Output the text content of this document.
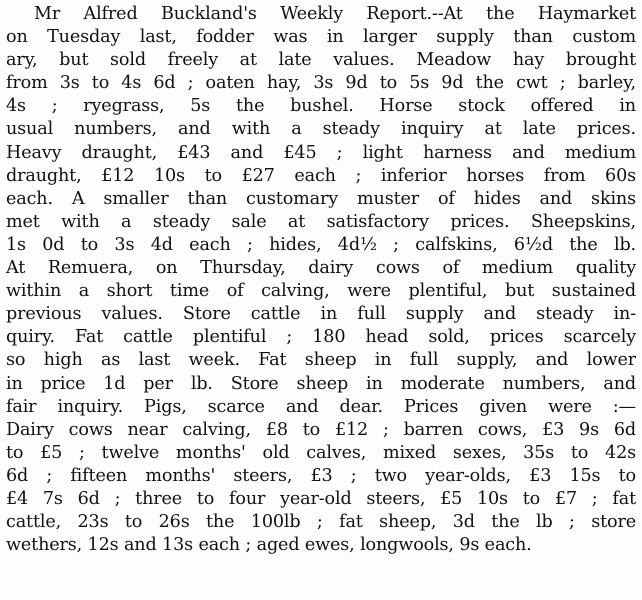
Mr Alfred Buckland's Weekly Report.--At the Haymarket
on Tuesday last, fodder was in larger supply than custom
ary, but sold freely at late values. Meadow hay brought
from 3s to 4s 6d ; oaten hay, 3s 9d to 5s 9d the cwt ; barley,
4s ; ryegrass, 5s the bushel. Horse stock offered in
usual numbers, and with a steady inquiry at late prices.
Heavy draught, £43 and £45 ; light harness and medium
draught, £12 10s to £27 each ; inferior horses from 60s
each. A smaller than customary muster of hides and skins
met with a steady sale at satisfactory prices. Sheepskins,
1s 0d to 3s 4d each ; hides, 4d½ ; calfskins, 6½d the lb.
At Remuera, on Thursday, dairy cows of medium quality
within a short time of calving, were plentiful, but sustained
previous values. Store cattle in full supply and steady in-
quiry. Fat cattle plentiful ; 180 head sold, prices scarcely
so high as last week. Fat sheep in full supply, and lower
in price 1d per lb. Store sheep in moderate numbers, and
fair inquiry. Pigs, scarce and dear. Prices given were :—
Dairy cows near calving, £8 to £12 ; barren cows, £3 9s 6d
to £5 ; twelve months' old calves, mixed sexes, 35s to 42s
6d ; fifteen months' steers, £3 ; two year-olds, £3 15s to
£4 7s 6d ; three to four year-old steers, £5 10s to £7 ; fat
cattle, 23s to 26s the 100lb ; fat sheep, 3d the lb ; store
wethers, 12s and 13s each ; aged ewes, longwools, 9s each.
